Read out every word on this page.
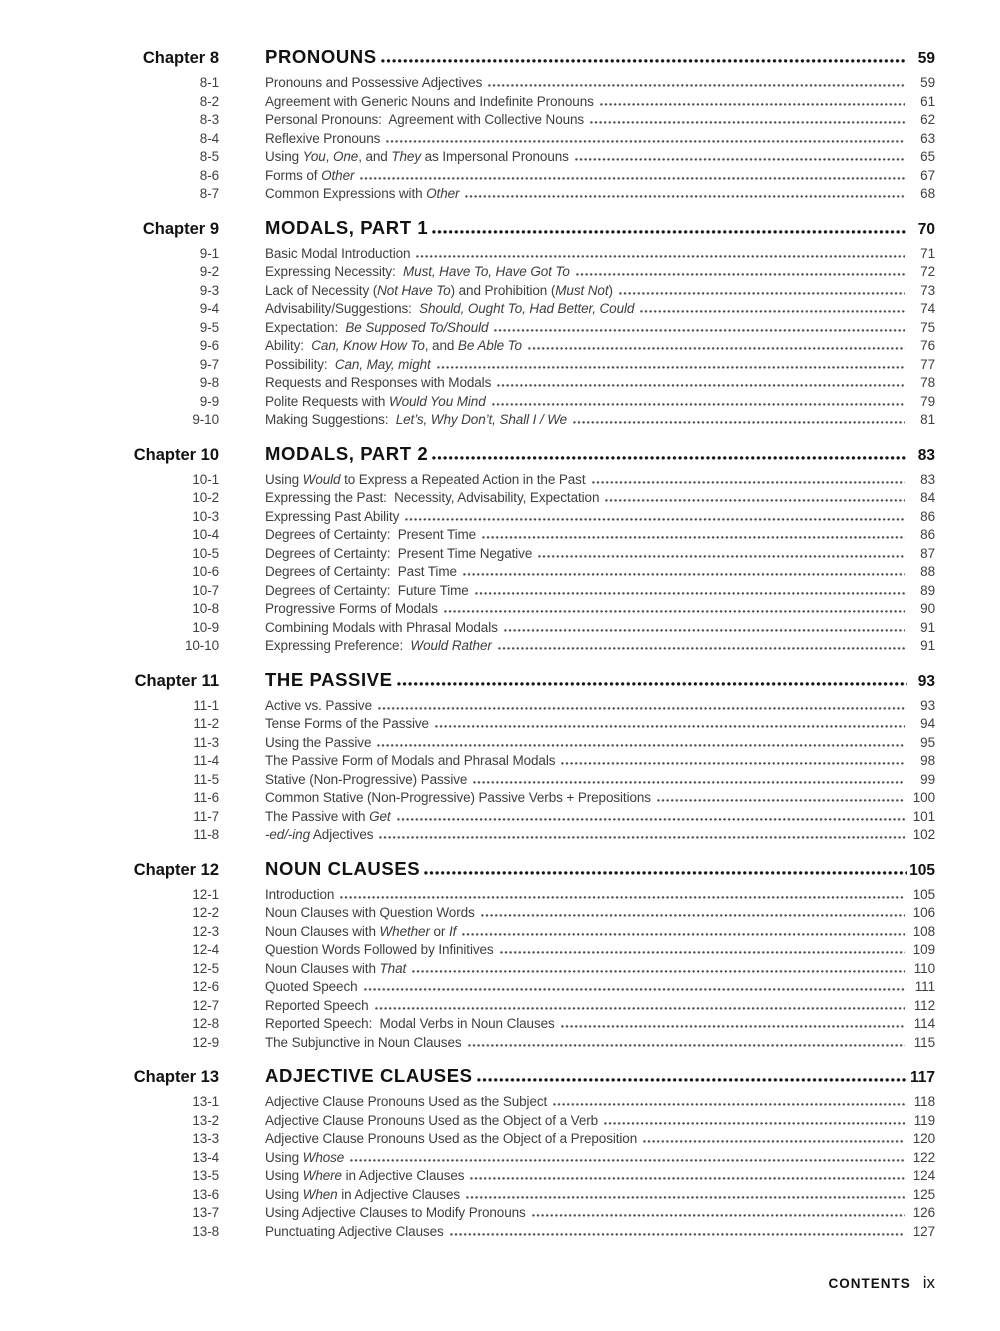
Chapter 8 PRONOUNS	59
8-1	Pronouns and Possessive Adjectives	59
8-2	Agreement with Generic Nouns and Indefinite Pronouns	61
8-3	Personal Pronouns:  Agreement with Collective Nouns	62
8-4	Reflexive Pronouns	63
8-5	Using You, One, and They as Impersonal Pronouns	65
8-6	Forms of Other	67
8-7	Common Expressions with Other	68
Chapter 9 MODALS, PART 1	70
9-1	Basic Modal Introduction	71
9-2	Expressing Necessity:  Must, Have To, Have Got To	72
9-3	Lack of Necessity (Not Have To) and Prohibition (Must Not)	73
9-4	Advisability/Suggestions:  Should, Ought To, Had Better, Could	74
9-5	Expectation:  Be Supposed To/Should	75
9-6	Ability:  Can, Know How To, and Be Able To	76
9-7	Possibility:  Can, May, might	77
9-8	Requests and Responses with Modals	78
9-9	Polite Requests with Would You Mind	79
9-10	Making Suggestions:  Let’s, Why Don’t, Shall I / We	81
Chapter 10 MODALS, PART 2	83
10-1	Using Would to Express a Repeated Action in the Past	83
10-2	Expressing the Past:  Necessity, Advisability, Expectation	84
10-3	Expressing Past Ability	86
10-4	Degrees of Certainty:  Present Time	86
10-5	Degrees of Certainty:  Present Time Negative	87
10-6	Degrees of Certainty:  Past Time	88
10-7	Degrees of Certainty:  Future Time	89
10-8	Progressive Forms of Modals	90
10-9	Combining Modals with Phrasal Modals	91
10-10	Expressing Preference:  Would Rather	91
Chapter 11 THE PASSIVE	93
11-1	Active vs. Passive	93
11-2	Tense Forms of the Passive	94
11-3	Using the Passive	95
11-4	The Passive Form of Modals and Phrasal Modals	98
11-5	Stative (Non-Progressive) Passive	99
11-6	Common Stative (Non-Progressive) Passive Verbs + Prepositions	100
11-7	The Passive with Get	101
11-8	-ed/-ing Adjectives	102
Chapter 12 NOUN CLAUSES	105
12-1	Introduction	105
12-2	Noun Clauses with Question Words	106
12-3	Noun Clauses with Whether or If	108
12-4	Question Words Followed by Infinitives	109
12-5	Noun Clauses with That	110
12-6	Quoted Speech	111
12-7	Reported Speech	112
12-8	Reported Speech:  Modal Verbs in Noun Clauses	114
12-9	The Subjunctive in Noun Clauses	115
Chapter 13 ADJECTIVE CLAUSES	117
13-1	Adjective Clause Pronouns Used as the Subject	118
13-2	Adjective Clause Pronouns Used as the Object of a Verb	119
13-3	Adjective Clause Pronouns Used as the Object of a Preposition	120
13-4	Using Whose	122
13-5	Using Where in Adjective Clauses	124
13-6	Using When in Adjective Clauses	125
13-7	Using Adjective Clauses to Modify Pronouns	126
13-8	Punctuating Adjective Clauses	127
CONTENTS ix
